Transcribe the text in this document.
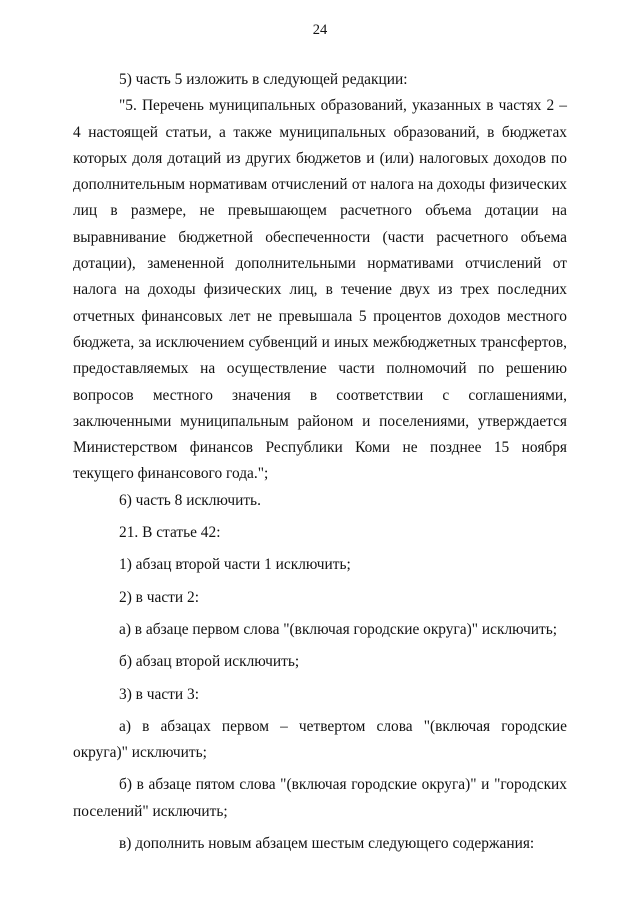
24

5) часть 5 изложить в следующей редакции:

"5. Перечень муниципальных образований, указанных в частях 2 – 4 настоящей статьи, а также муниципальных образований, в бюджетах которых доля дотаций из других бюджетов и (или) налоговых доходов по дополнительным нормативам отчислений от налога на доходы физических лиц в размере, не превышающем расчетного объема дотации на выравнивание бюджетной обеспеченности (части расчетного объема дотации), замененной дополнительными нормативами отчислений от налога на доходы физических лиц, в течение двух из трех последних отчетных финансовых лет не превышала 5 процентов доходов местного бюджета, за исключением субвенций и иных межбюджетных трансфертов, предоставляемых на осуществление части полномочий по решению вопросов местного значения в соответствии с соглашениями, заключенными муниципальным районом и поселениями, утверждается Министерством финансов Республики Коми не позднее 15 ноября текущего финансового года.";

6) часть 8 исключить.

21. В статье 42:

1) абзац второй части 1 исключить;

2) в части 2:

а) в абзаце первом слова "(включая городские округа)" исключить;

б) абзац второй исключить;

3) в части 3:

а) в абзацах первом – четвертом слова "(включая городские округа)" исключить;

б) в абзаце пятом слова "(включая городские округа)" и "городских поселений" исключить;

в) дополнить новым абзацем шестым следующего содержания:
